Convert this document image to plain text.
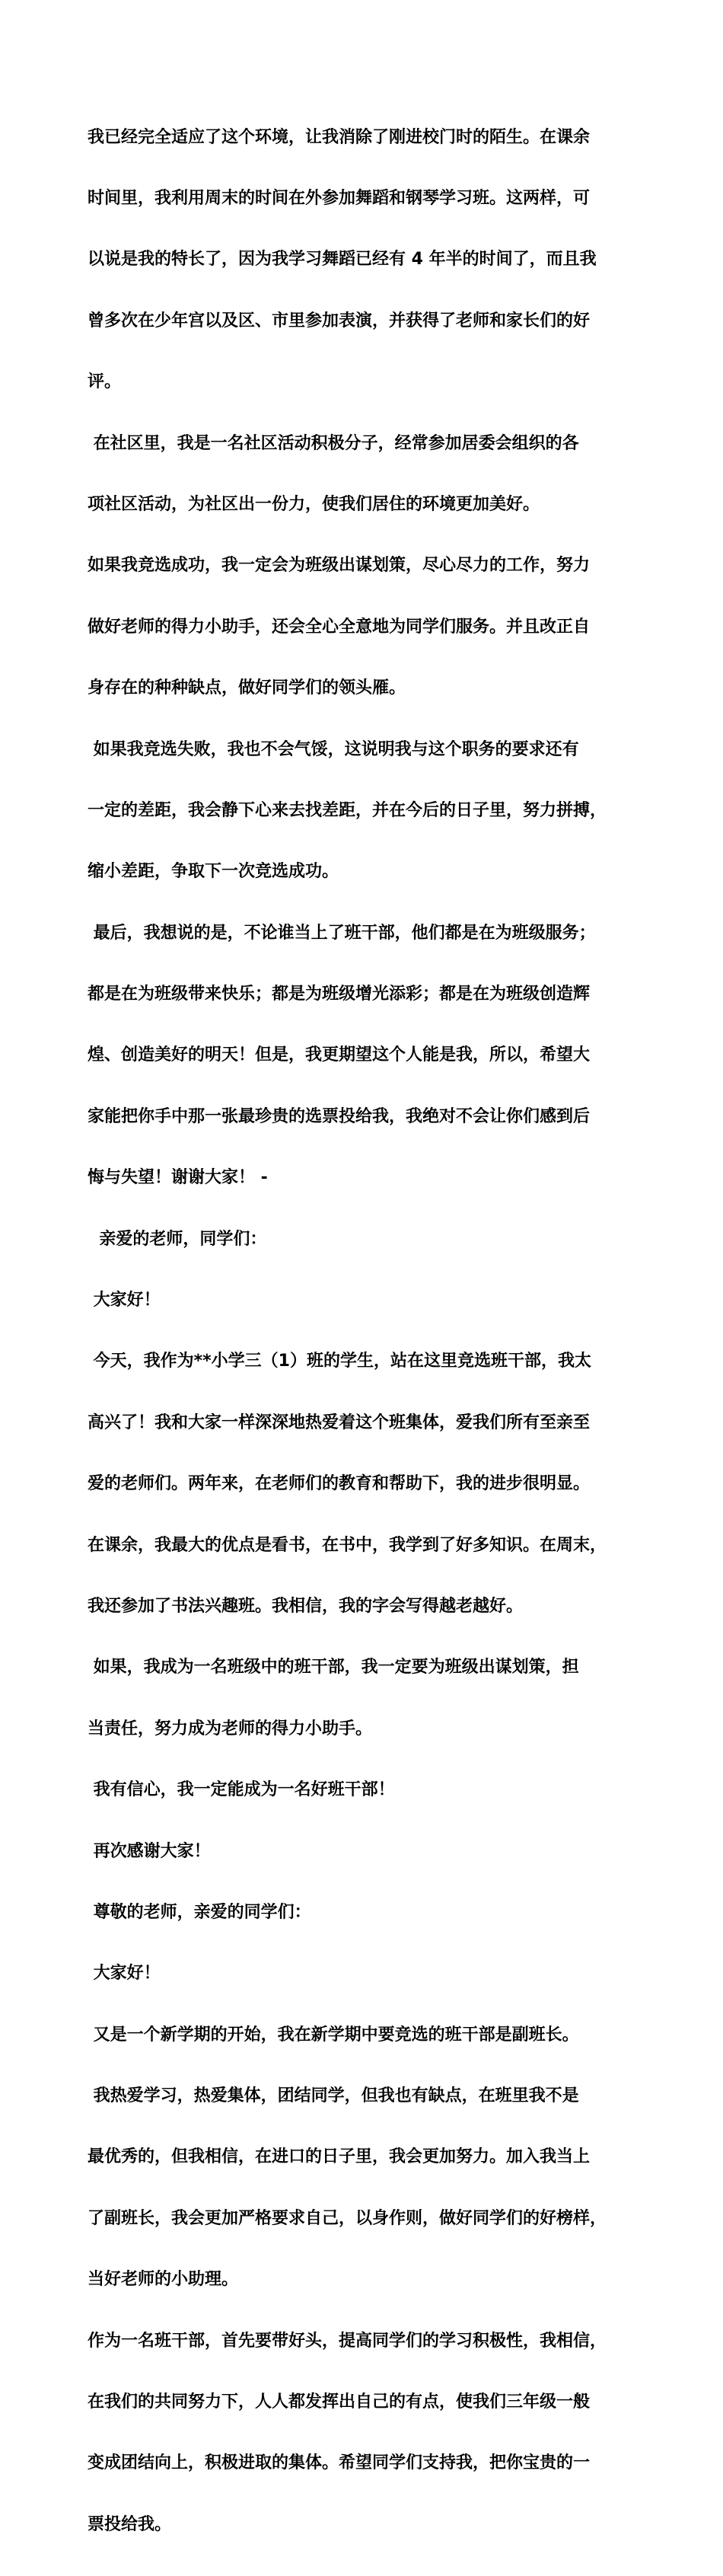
我已经完全适应了这个环境，让我消除了刚进校门时的陌生。在课余

时间里，我利用周末的时间在外参加舞蹈和钢琴学习班。这两样，可

以说是我的特长了，因为我学习舞蹈已经有 4 年半的时间了，而且我

曾多次在少年宫以及区、市里参加表演，并获得了老师和家长们的好

评。

在社区里，我是一名社区活动积极分子，经常参加居委会组织的各

项社区活动，为社区出一份力，使我们居住的环境更加美好。

如果我竞选成功，我一定会为班级出谋划策，尽心尽力的工作，努力

做好老师的得力小助手，还会全心全意地为同学们服务。并且改正自

身存在的种种缺点，做好同学们的领头雁。

如果我竞选失败，我也不会气馁，这说明我与这个职务的要求还有

一定的差距，我会静下心来去找差距，并在今后的日子里，努力拼搏，

缩小差距，争取下一次竞选成功。

最后，我想说的是，不论谁当上了班干部，他们都是在为班级服务；

都是在为班级带来快乐；都是为班级增光添彩；都是在为班级创造辉

煌、创造美好的明天！但是，我更期望这个人能是我，所以，希望大

家能把你手中那一张最珍贵的选票投给我，我绝对不会让你们感到后

悔与失望！谢谢大家！ -

亲爱的老师，同学们：

大家好！

今天，我作为**小学三（1）班的学生，站在这里竞选班干部，我太

高兴了！我和大家一样深深地热爱着这个班集体，爱我们所有至亲至

爱的老师们。两年来，在老师们的教育和帮助下，我的进步很明显。

在课余，我最大的优点是看书，在书中，我学到了好多知识。在周末，

我还参加了书法兴趣班。我相信，我的字会写得越老越好。

如果，我成为一名班级中的班干部，我一定要为班级出谋划策，担

当责任，努力成为老师的得力小助手。

我有信心，我一定能成为一名好班干部！

再次感谢大家！

尊敬的老师，亲爱的同学们：

大家好！

又是一个新学期的开始，我在新学期中要竞选的班干部是副班长。

我热爱学习，热爱集体，团结同学，但我也有缺点，在班里我不是

最优秀的，但我相信，在进口的日子里，我会更加努力。加入我当上

了副班长，我会更加严格要求自己，以身作则，做好同学们的好榜样，

当好老师的小助理。

作为一名班干部，首先要带好头，提高同学们的学习积极性，我相信，

在我们的共同努力下，人人都发挥出自己的有点，使我们三年级一般

变成团结向上，积极进取的集体。希望同学们支持我，把你宝贵的一

票投给我。
